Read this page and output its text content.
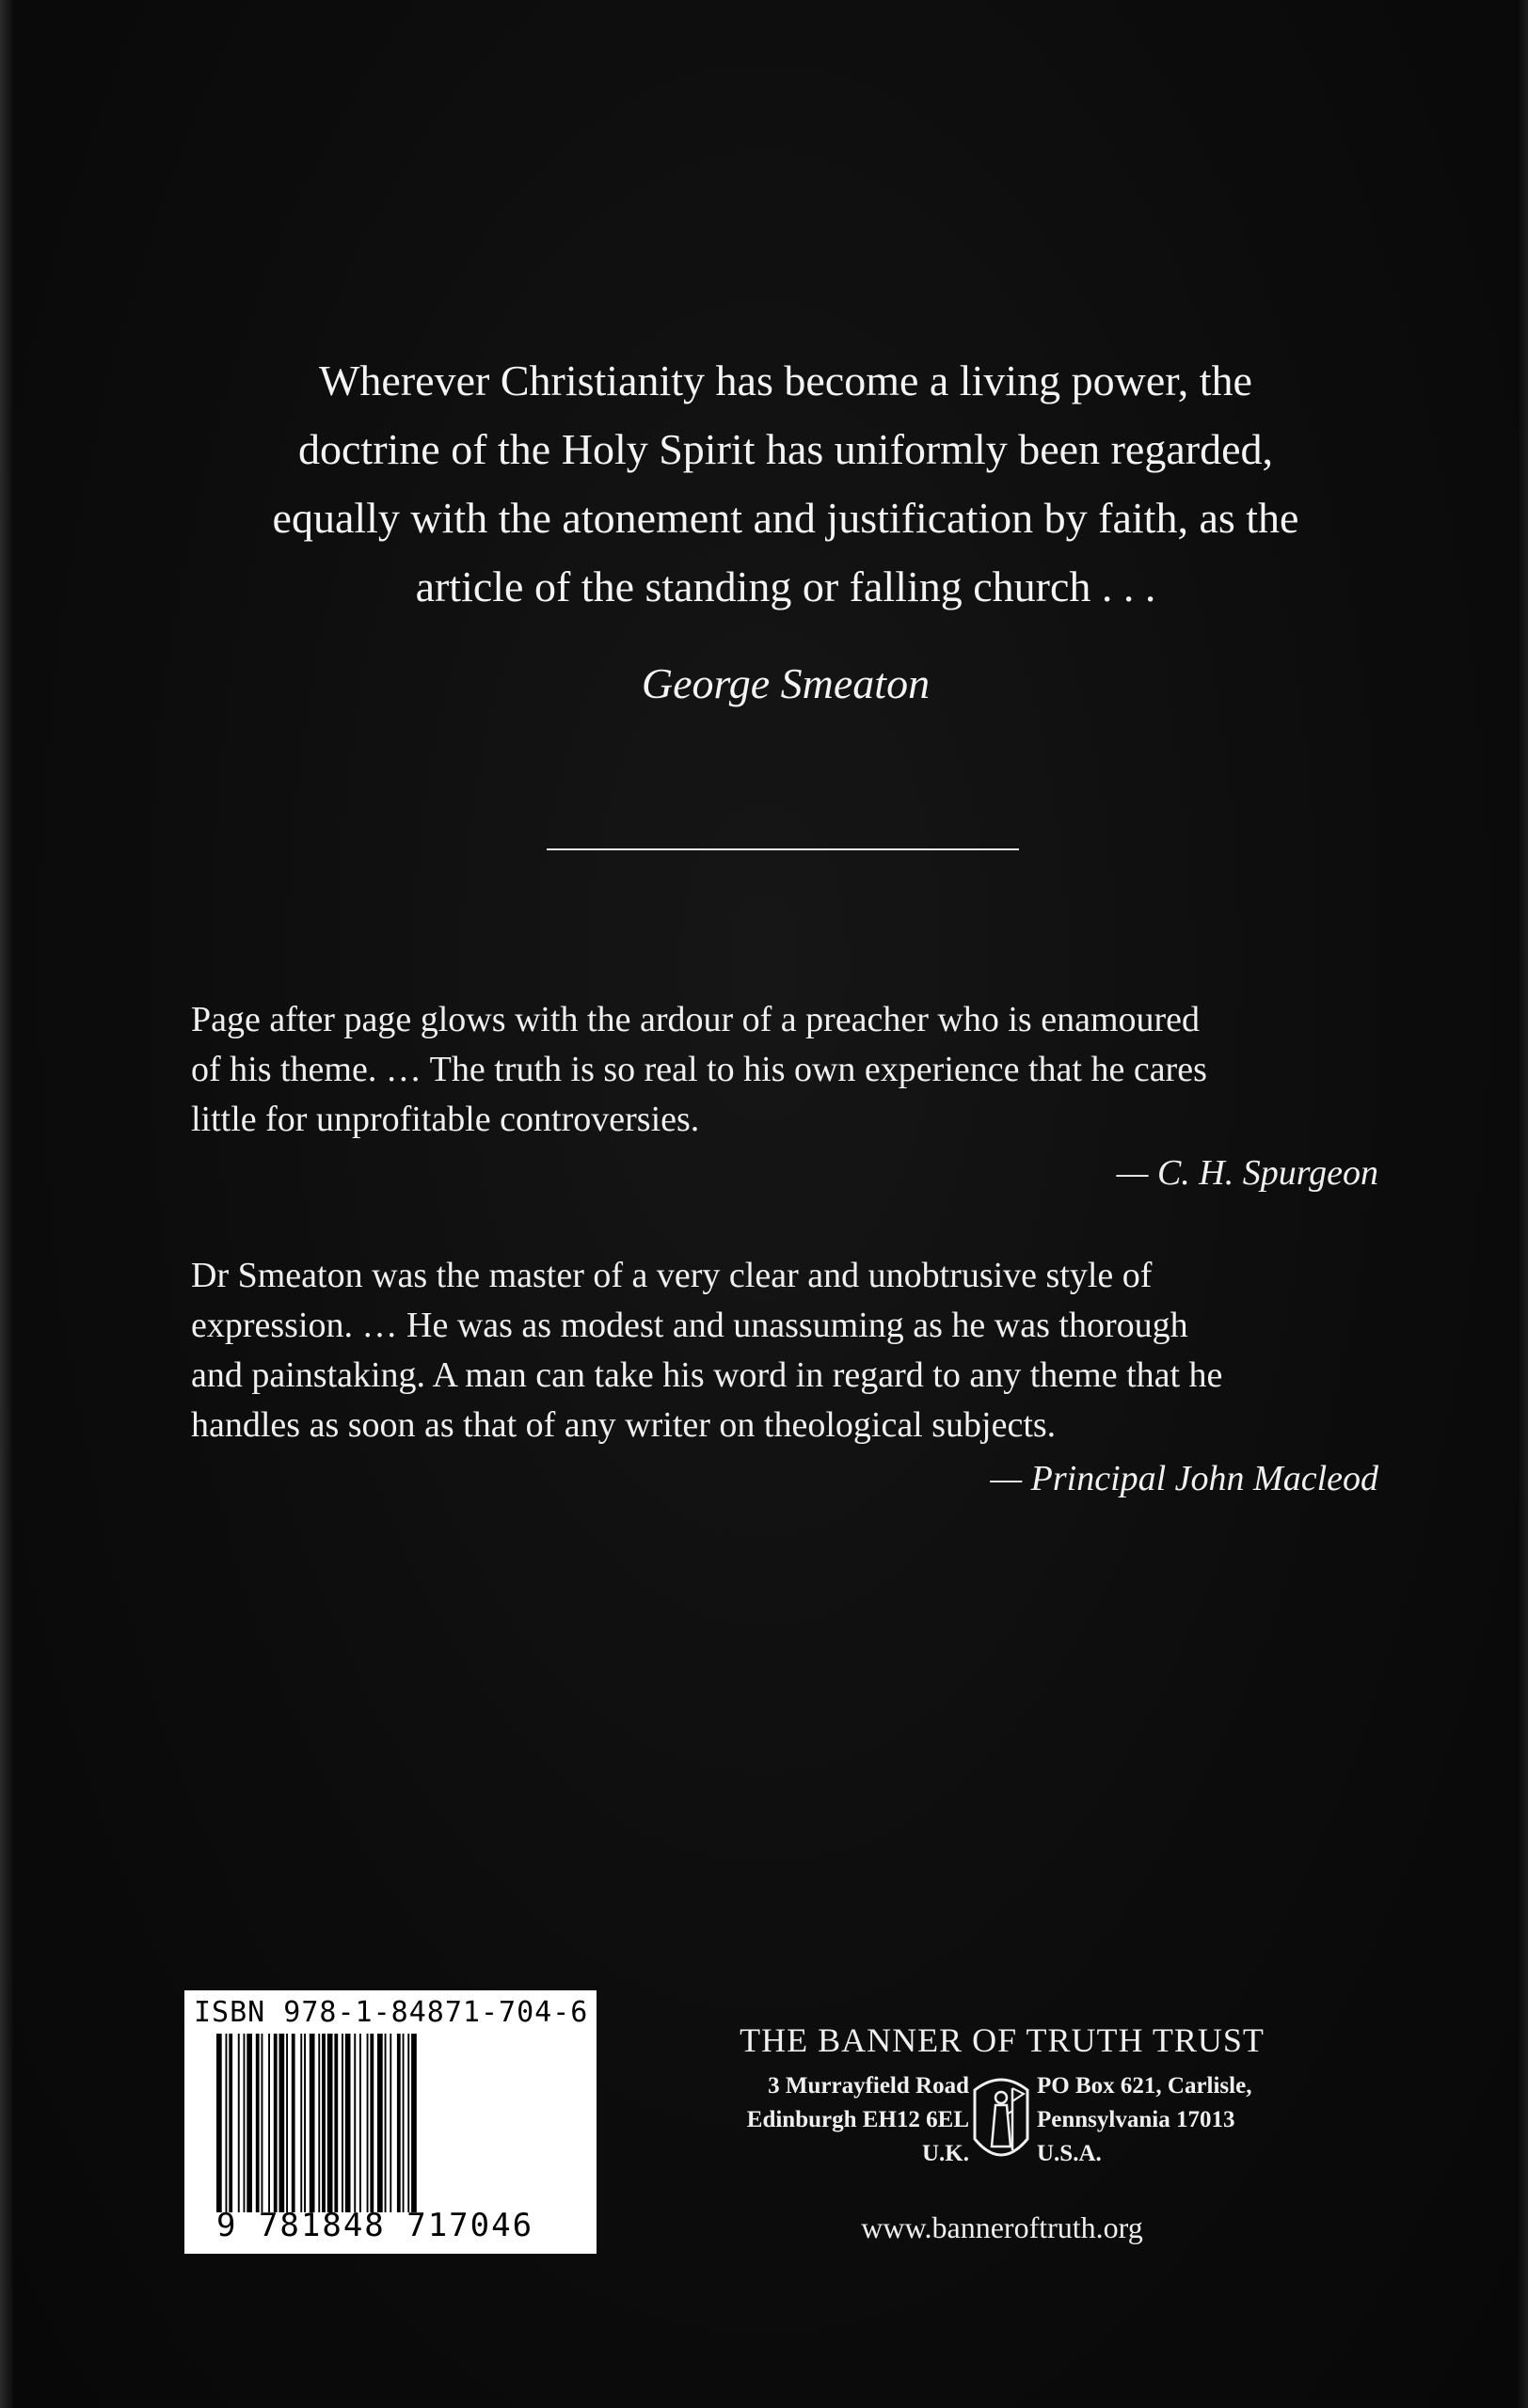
Wherever Christianity has become a living power, the
doctrine of the Holy Spirit has uniformly been regarded,
equally with the atonement and justification by faith, as the
article of the standing or falling church . . .
George Smeaton
Page after page glows with the ardour of a preacher who is enamoured
of his theme. … The truth is so real to his own experience that he cares
little for unprofitable controversies.
— C. H. Spurgeon
Dr Smeaton was the master of a very clear and unobtrusive style of
expression. … He was as modest and unassuming as he was thorough
and painstaking. A man can take his word in regard to any theme that he
handles as soon as that of any writer on theological subjects.
— Principal John Macleod
ISBN 978-1-84871-704-6
9 781848 717046
THE BANNER OF TRUTH TRUST
3 Murrayfield Road
Edinburgh EH12 6EL
U.K.
PO Box 621, Carlisle,
Pennsylvania 17013
U.S.A.
www.banneroftruth.org
